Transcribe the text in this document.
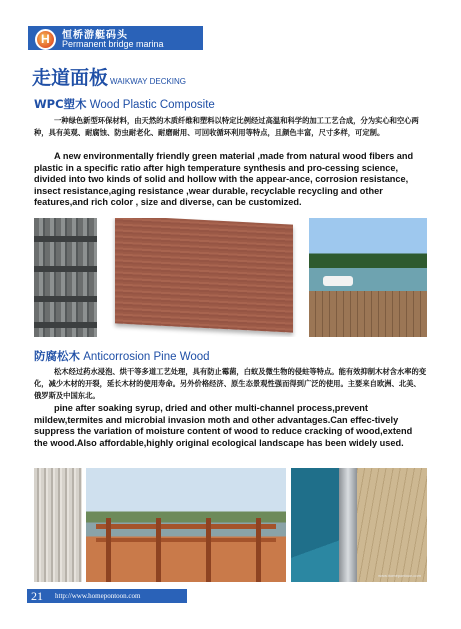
H 恒桥游艇码头
Permanent bridge marina
走道面板 WAIKWAY DECKING
WPC塑木 Wood Plastic Composite

一种绿色新型环保材料，由天然的木质纤维和塑料以特定比例经过高温和科学的加工工艺合成，分为实心和空心两种，具有美观、耐腐蚀、防虫耐老化、耐磨耐用、可回收循环利用等特点，且颜色丰富，尺寸多样，可定制。

A new environmentally friendly green material ,made from natural wood fibers and plastic in a specific ratio after high temperature synthesis and pro-cessing science, divided into two kinds of solid and hollow with the appear-ance, corrosion resistance, insect resistance,aging resistance ,wear durable, recyclable recycling and other features,and rich color , size and diverse, can be customized.

防腐松木 Anticorrosion Pine Wood

松木经过药水浸泡、烘干等多道工艺处理，具有防止霉菌，白蚁及微生物的侵蛀等特点。能有效抑制木材含水率的变化，减少木材的开裂，延长木材的使用寿命。另外价格经济、原生态景观性强而得到广泛的使用。主要来自欧洲、北美、俄罗斯及中国东北。

pine after soaking syrup, dried and other multi-channel process,prevent mildew,termites and microbial invasion moth and other advantages.Can effec-tively suppress the variation of moisture content of wood to reduce cracking of wood,extend the wood.Also affordable,highly original ecological landscape has been widely used.

www.homepontoon.com
21 http://www.homepontoon.com
